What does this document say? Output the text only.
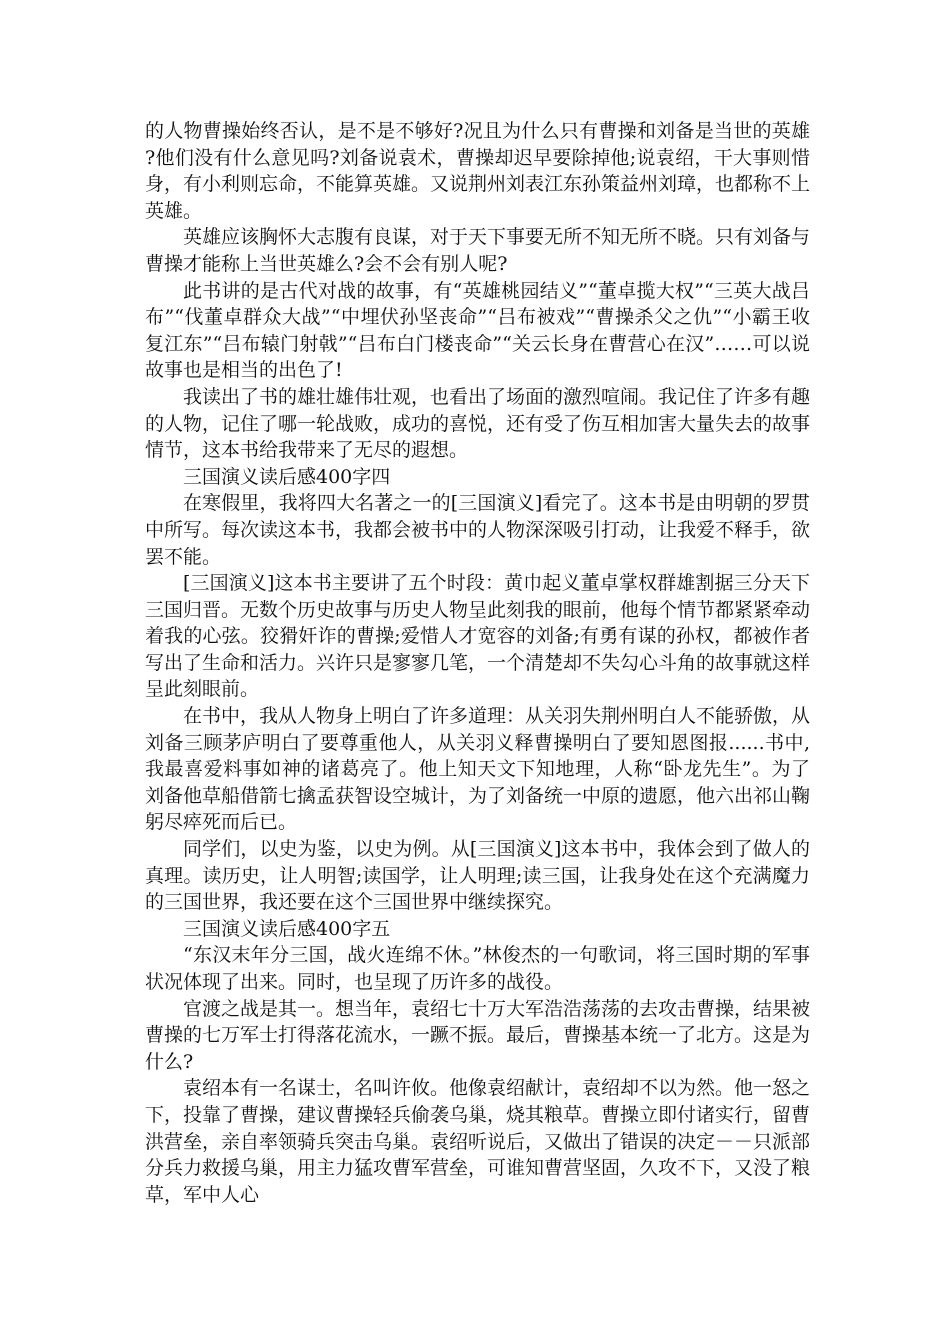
的人物曹操始终否认，是不是不够好?况且为什么只有曹操和刘备是当世的英雄?他们没有什么意见吗?刘备说袁术，曹操却迟早要除掉他;说袁绍，干大事则惜身，有小利则忘命，不能算英雄。又说荆州刘表江东孙策益州刘璋，也都称不上英雄。

英雄应该胸怀大志腹有良谋，对于天下事要无所不知无所不晓。只有刘备与曹操才能称上当世英雄么?会不会有别人呢?

此书讲的是古代对战的故事，有“英雄桃园结义”“董卓揽大权”“三英大战吕布”“伐董卓群众大战”“中埋伏孙坚丧命”“吕布被戏”“曹操杀父之仇”“小霸王收复江东”“吕布辕门射戟”“吕布白门楼丧命”“关云长身在曹营心在汉”……可以说故事也是相当的出色了!

我读出了书的雄壮雄伟壮观，也看出了场面的激烈喧闹。我记住了许多有趣的人物，记住了哪一轮战败，成功的喜悦，还有受了伤互相加害大量失去的故事情节，这本书给我带来了无尽的遐想。

三国演义读后感400字四

在寒假里，我将四大名著之一的[三国演义]看完了。这本书是由明朝的罗贯中所写。每次读这本书，我都会被书中的人物深深吸引打动，让我爱不释手，欲罢不能。

[三国演义]这本书主要讲了五个时段：黄巾起义董卓掌权群雄割据三分天下三国归晋。无数个历史故事与历史人物呈此刻我的眼前，他每个情节都紧紧牵动着我的心弦。狡猾奸诈的曹操;爱惜人才宽容的刘备;有勇有谋的孙权，都被作者写出了生命和活力。兴许只是寥寥几笔，一个清楚却不失勾心斗角的故事就这样呈此刻眼前。

在书中，我从人物身上明白了许多道理：从关羽失荆州明白人不能骄傲，从刘备三顾茅庐明白了要尊重他人，从关羽义释曹操明白了要知恩图报......书中,我最喜爱料事如神的诸葛亮了。他上知天文下知地理，人称“卧龙先生”。为了刘备他草船借箭七擒孟获智设空城计，为了刘备统一中原的遗愿，他六出祁山鞠躬尽瘁死而后已。

同学们，以史为鉴，以史为例。从[三国演义]这本书中，我体会到了做人的真理。读历史，让人明智;读国学，让人明理;读三国，让我身处在这个充满魔力的三国世界，我还要在这个三国世界中继续探究。

三国演义读后感400字五

“东汉末年分三国，战火连绵不休。”林俊杰的一句歌词，将三国时期的军事状况体现了出来。同时，也呈现了历许多的战役。

官渡之战是其一。想当年，袁绍七十万大军浩浩荡荡的去攻击曹操，结果被曹操的七万军士打得落花流水，一蹶不振。最后，曹操基本统一了北方。这是为什么?

袁绍本有一名谋士，名叫许攸。他像袁绍献计，袁绍却不以为然。他一怒之下，投靠了曹操，建议曹操轻兵偷袭乌巢，烧其粮草。曹操立即付诸实行，留曹洪营垒，亲自率领骑兵突击乌巢。袁绍听说后，又做出了错误的决定－－只派部分兵力救援乌巢，用主力猛攻曹军营垒，可谁知曹营坚固，久攻不下，又没了粮草，军中人心
